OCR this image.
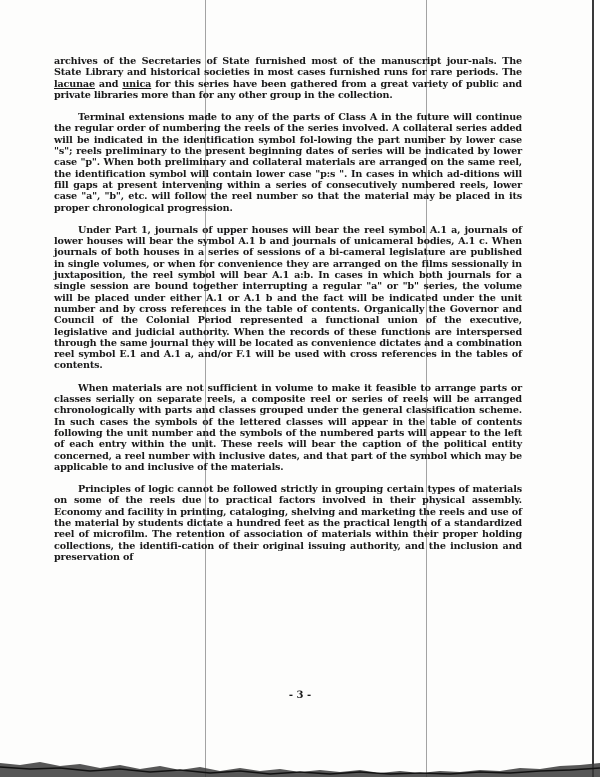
archives of the Secretaries of State furnished most of the manuscript jour-nals. The State Library and historical societies in most cases furnished runs for rare periods. The lacunae and unica for this series have been gathered from a great variety of public and private libraries more than for any other group in the collection.

Terminal extensions made to any of the parts of Class A in the future will continue the regular order of numbering the reels of the series involved. A collateral series added will be indicated in the identification symbol fol-lowing the part number by lower case "s"; reels preliminary to the present beginning dates of series will be indicated by lower case "p". When both preliminary and collateral materials are arranged on the same reel, the identification symbol will contain lower case "p:s ". In cases in which ad-ditions will fill gaps at present intervening within a series of consecutively numbered reels, lower case "a", "b", etc. will follow the reel number so that the material may be placed in its proper chronological progression.

Under Part 1, journals of upper houses will bear the reel symbol A.1 a, journals of lower houses will bear the symbol A.1 b and journals of unicameral bodies, A.1 c. When journals of both houses in a series of sessions of a bi-cameral legislature are published in single volumes, or when for convenience they are arranged on the films sessionally in juxtaposition, the reel symbol will bear A.1 a:b. In cases in which both journals for a single session are bound together interrupting a regular "a" or "b" series, the volume will be placed under either A.1 or A.1 b and the fact will be indicated under the unit number and by cross references in the table of contents. Organically the Governor and Council of the Colonial Period represented a functional union of the executive, legislative and judicial authority. When the records of these functions are interspersed through the same journal they will be located as convenience dictates and a combination reel symbol E.1 and A.1 a, and/or F.1 will be used with cross references in the tables of contents.

When materials are not sufficient in volume to make it feasible to arrange parts or classes serially on separate reels, a composite reel or series of reels will be arranged chronologically with parts and classes grouped under the general classification scheme. In such cases the symbols of the lettered classes will appear in the table of contents following the unit number and the symbols of the numbered parts will appear to the left of each entry within the unit. These reels will bear the caption of the political entity concerned, a reel number with inclusive dates, and that part of the symbol which may be applicable to and inclusive of the materials.

Principles of logic cannot be followed strictly in grouping certain types of materials on some of the reels due to practical factors involved in their physical assembly. Economy and facility in printing, cataloging, shelving and marketing the reels and use of the material by students dictate a hundred feet as the practical length of a standardized reel of microfilm. The retention of association of materials within their proper holding collections, the identifi-cation of their original issuing authority, and the inclusion and preservation of

- 3 -
